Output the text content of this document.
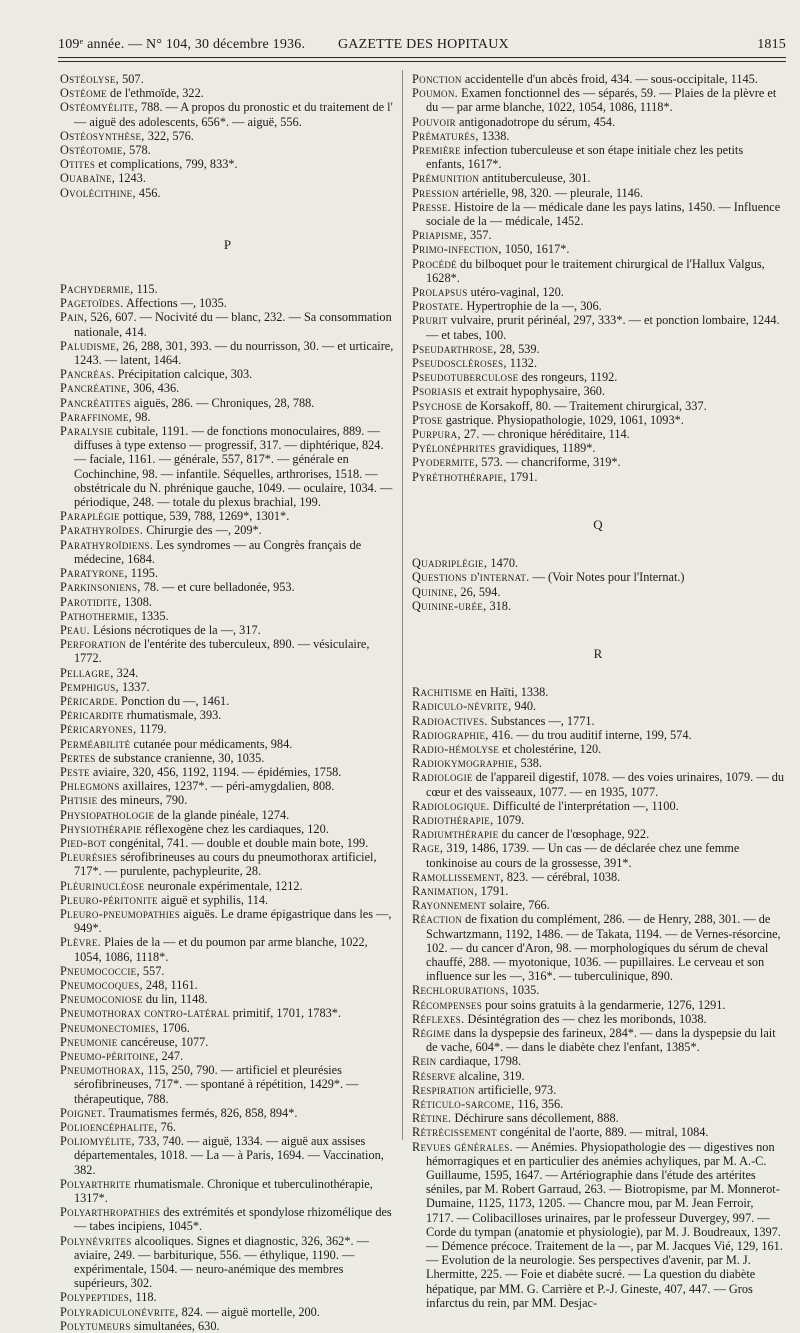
109ᵉ année. — N° 104, 30 décembre 1936. GAZETTE DES HOPITAUX	1815

Ostéolyse, 507.

Ostéome de l'ethmoïde, 322.

Ostéomyélite, 788. — A propos du pronostic et du traitement de l' — aiguë des adolescents, 656*. — aiguë, 556.

Ostéosynthèse, 322, 576.

Ostéotomie, 578.

Otites et complications, 799, 833*.

Ouabaïne, 1243.

Ovolécithine, 456.

P

Pachydermie, 115.

Pagetoïdes. Affections —, 1035.

Pain, 526, 607. — Nocivité du — blanc, 232. — Sa consommation nationale, 414.

Paludisme, 26, 288, 301, 393. — du nourrisson, 30. — et urticaire, 1243. — latent, 1464.

Pancréas. Précipitation calcique, 303.

Pancréatine, 306, 436.

Pancréatites aiguës, 286. — Chroniques, 28, 788.

Paraffinome, 98.

Paralysie cubitale, 1191. — de fonctions monoculaires, 889. — diffuses à type extenso — progressif, 317. — diphtérique, 824. — faciale, 1161. — générale, 557, 817*. — générale en Cochinchine, 98. — infantile. Séquelles, arthrorises, 1518. — obstétricale du N. phrénique gauche, 1049. — oculaire, 1034. — périodique, 248. — totale du plexus brachial, 199.

Paraplégie pottique, 539, 788, 1269*, 1301*.

Parathyroïdes. Chirurgie des —, 209*.

Parathyroïdiens. Les syndromes — au Congrès français de médecine, 1684.

Paratyrone, 1195.

Parkinsoniens, 78. — et cure belladonée, 953.

Parotidite, 1308.

Pathothermie, 1335.

Peau. Lésions nécrotiques de la —, 317.

Perforation de l'entérite des tuberculeux, 890. — vésiculaire, 1772.

Pellagre, 324.

Pemphigus, 1337.

Péricarde. Ponction du —, 1461.

Péricardite rhumatismale, 393.

Péricaryones, 1179.

Perméabilité cutanée pour médicaments, 984.

Pertes de substance cranienne, 30, 1035.

Peste aviaire, 320, 456, 1192, 1194. — épidémies, 1758.

Phlegmons axillaires, 1237*. — péri-amygdalien, 808.

Phtisie des mineurs, 790.

Physiopathologie de la glande pinéale, 1274.

Physiothérapie réflexogène chez les cardiaques, 120.

Pied-bot congénital, 741. — double et double main bote, 199.

Pleurésies sérofibrineuses au cours du pneumothorax artificiel, 717*. — purulente, pachypleurite, 28.

Pléurinucléose neuronale expérimentale, 1212.

Pleuro-péritonite aiguë et syphilis, 114.

Pleuro-pneumopathies aiguës. Le drame épigastrique dans les —, 949*.

Plèvre. Plaies de la — et du poumon par arme blanche, 1022, 1054, 1086, 1118*.

Pneumococcie, 557.

Pneumocoques, 248, 1161.

Pneumoconiose du lin, 1148.

Pneumothorax contro-latéral primitif, 1701, 1783*.

Pneumonectomies, 1706.

Pneumonie cancéreuse, 1077.

Pneumo-péritoine, 247.

Pneumothorax, 115, 250, 790. — artificiel et pleurésies sérofibrineuses, 717*. — spontané à répétition, 1429*. — thérapeutique, 788.

Poignet. Traumatismes fermés, 826, 858, 894*.

Polioencéphalite, 76.

Poliomyélite, 733, 740. — aiguë, 1334. — aiguë aux assises départementales, 1018. — La — à Paris, 1694. — Vaccination, 382.

Polyarthrite rhumatismale. Chronique et tuberculinothérapie, 1317*.

Polyarthropathies des extrémités et spondylose rhizomélique des — tabes incipiens, 1045*.

Polynévrites alcooliques. Signes et diagnostic, 326, 362*. — aviaire, 249. — barbiturique, 556. — éthylique, 1190. — expérimentale, 1504. — neuro-anémique des membres supérieurs, 302.

Polypeptides, 118.

Polyradiculonévrite, 824. — aiguë mortelle, 200.

Polytumeurs simultanées, 630.

Ponction accidentelle d'un abcès froid, 434. — sous-occipitale, 1145.

Poumon. Examen fonctionnel des — séparés, 59. — Plaies de la plèvre et du — par arme blanche, 1022, 1054, 1086, 1118*.

Pouvoir antigonadotrope du sérum, 454.

Prématurés, 1338.

Première infection tuberculeuse et son étape initiale chez les petits enfants, 1617*.

Prémunition antituberculeuse, 301.

Pression artérielle, 98, 320. — pleurale, 1146.

Presse. Histoire de la — médicale dane les pays latins, 1450. — Influence sociale de la — médicale, 1452.

Priapisme, 357.

Primo-infection, 1050, 1617*.

Procédé du bilboquet pour le traitement chirurgical de l'Hallux Valgus, 1628*.

Prolapsus utéro-vaginal, 120.

Prostate. Hypertrophie de la —, 306.

Prurit vulvaire, prurit périnéal, 297, 333*. — et ponction lombaire, 1244. — et tabes, 100.

Pseudarthrose, 28, 539.

Pseudoscléroses, 1132.

Pseudotuberculose des rongeurs, 1192.

Psoriasis et extrait hypophysaire, 360.

Psychose de Korsakoff, 80. — Traitement chirurgical, 337.

Ptose gastrique. Physiopathologie, 1029, 1061, 1093*.

Purpura, 27. — chronique héréditaire, 114.

Pyélonéphrites gravidiques, 1189*.

Pyodermite, 573. — chancriforme, 319*.

Pyréthothérapie, 1791.

Q

Quadriplégie, 1470.

Questions d'internat. — (Voir Notes pour l'Internat.)

Quinine, 26, 594.

Quinine-urée, 318.

R

Rachitisme en Haïti, 1338.

Radiculo-névrite, 940.

Radioactives. Substances —, 1771.

Radiographie, 416. — du trou auditif interne, 199, 574.

Radio-hémolyse et cholestérine, 120.

Radiokymographie, 538.

Radiologie de l'appareil digestif, 1078. — des voies urinaires, 1079. — du cœur et des vaisseaux, 1077. — en 1935, 1077.

Radiologique. Difficulté de l'interprétation —, 1100.

Radiothérapie, 1079.

Radiumthérapie du cancer de l'œsophage, 922.

Rage, 319, 1486, 1739. — Un cas — de déclarée chez une femme tonkinoise au cours de la grossesse, 391*.

Ramollissement, 823. — cérébral, 1038.

Ranimation, 1791.

Rayonnement solaire, 766.

Réaction de fixation du complément, 286. — de Henry, 288, 301. — de Schwartzmann, 1192, 1486. — de Takata, 1194. — de Vernes-résorcine, 102. — du cancer d'Aron, 98. — morphologiques du sérum de cheval chauffé, 288. — myotonique, 1036. — pupillaires. Le cerveau et son influence sur les —, 316*. — tuberculinique, 890.

Rechlorurations, 1035.

Récompenses pour soins gratuits à la gendarmerie, 1276, 1291.

Réflexes. Désintégration des — chez les moribonds, 1038.

Régime dans la dyspepsie des farineux, 284*. — dans la dyspepsie du lait de vache, 604*. — dans le diabète chez l'enfant, 1385*.

Rein cardiaque, 1798.

Réserve alcaline, 319.

Respiration artificielle, 973.

Réticulo-sarcome, 116, 356.

Rétine. Déchirure sans décollement, 888.

Rétrécissement congénital de l'aorte, 889. — mitral, 1084.

Revues générales. — Anémies. Physiopathologie des — digestives non hémorragiques et en particulier des anémies achyliques, par M. A.-C. Guillaume, 1595, 1647. — Artériographie dans l'étude des artérites séniles, par M. Robert Garraud, 263. — Biotropisme, par M. Monnerot-Dumaine, 1125, 1173, 1205. — Chancre mou, par M. Jean Ferroir, 1717. — Colibacilloses urinaires, par le professeur Duvergey, 997. — Corde du tympan (anatomie et physiologie), par M. J. Boudreaux, 1397. — Démence précoce. Traitement de la —, par M. Jacques Vié, 129, 161. — Evolution de la neurologie. Ses perspectives d'avenir, par M. J. Lhermitte, 225. — Foie et diabète sucré. — La question du diabète hépatique, par MM. G. Carrière et P.-J. Gineste, 407, 447. — Gros infarctus du rein, par MM. Desjac-
